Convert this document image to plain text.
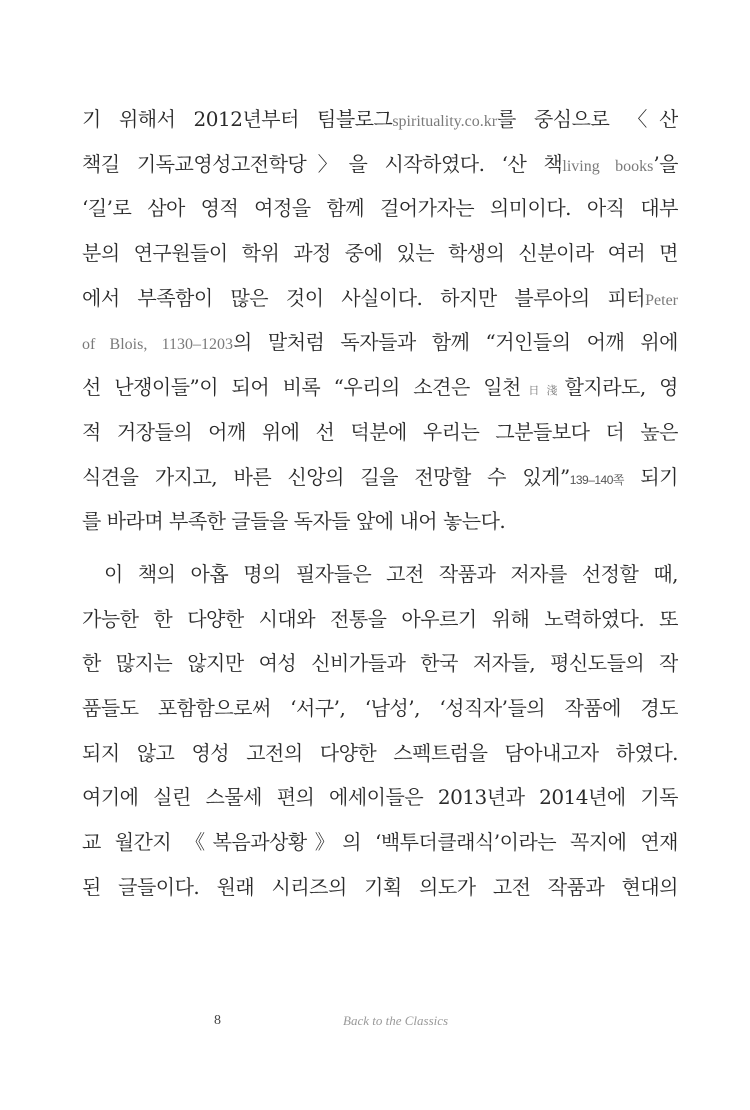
기 위해서 2012년부터 팀블로그spirituality.co.kr를 중심으로 〈산
책길 기독교영성고전학당〉을 시작하였다. ‘산 책living books’을
‘길’로 삼아 영적 여정을 함께 걸어가자는 의미이다. 아직 대부
분의 연구원들이 학위 과정 중에 있는 학생의 신분이라 여러 면
에서 부족함이 많은 것이 사실이다. 하지만 블루아의 피터Peter
of Blois, 1130–1203의 말처럼 독자들과 함께 “거인들의 어깨 위에
선 난쟁이들”이 되어 비록 “우리의 소견은 일천日淺할지라도, 영
적 거장들의 어깨 위에 선 덕분에 우리는 그분들보다 더 높은
식견을 가지고, 바른 신앙의 길을 전망할 수 있게”139–140쪽 되기
를 바라며 부족한 글들을 독자들 앞에 내어 놓는다.
이 책의 아홉 명의 필자들은 고전 작품과 저자를 선정할 때,
가능한 한 다양한 시대와 전통을 아우르기 위해 노력하였다. 또
한 많지는 않지만 여성 신비가들과 한국 저자들, 평신도들의 작
품들도 포함함으로써 ‘서구’, ‘남성’, ‘성직자’들의 작품에 경도
되지 않고 영성 고전의 다양한 스펙트럼을 담아내고자 하였다.
여기에 실린 스물세 편의 에세이들은 2013년과 2014년에 기독
교 월간지 《복음과상황》의 ‘백투더클래식’이라는 꼭지에 연재
된 글들이다. 원래 시리즈의 기획 의도가 고전 작품과 현대의
8	Back to the Classics
